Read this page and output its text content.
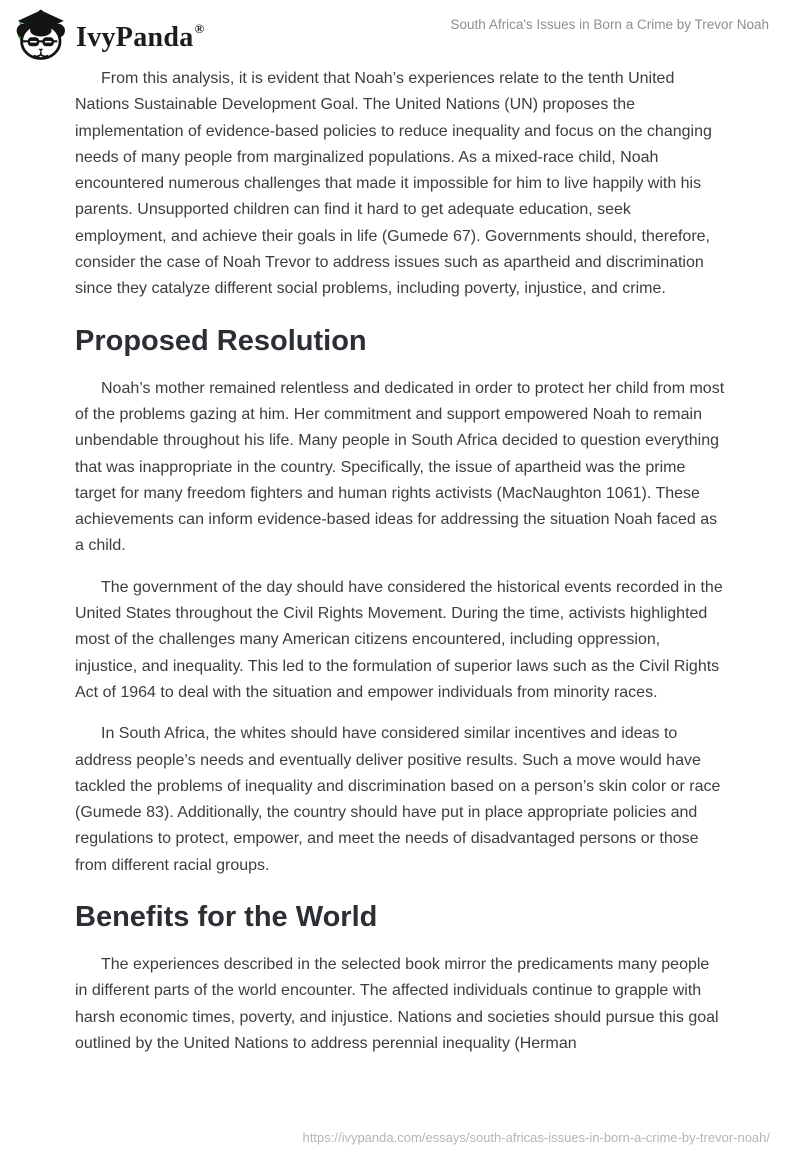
IvyPanda®	South Africa's Issues in Born a Crime by Trevor Noah

From this analysis, it is evident that Noah’s experiences relate to the tenth United Nations Sustainable Development Goal. The United Nations (UN) proposes the implementation of evidence-based policies to reduce inequality and focus on the changing needs of many people from marginalized populations. As a mixed-race child, Noah encountered numerous challenges that made it impossible for him to live happily with his parents. Unsupported children can find it hard to get adequate education, seek employment, and achieve their goals in life (Gumede 67). Governments should, therefore, consider the case of Noah Trevor to address issues such as apartheid and discrimination since they catalyze different social problems, including poverty, injustice, and crime.

Proposed Resolution

Noah’s mother remained relentless and dedicated in order to protect her child from most of the problems gazing at him. Her commitment and support empowered Noah to remain unbendable throughout his life. Many people in South Africa decided to question everything that was inappropriate in the country. Specifically, the issue of apartheid was the prime target for many freedom fighters and human rights activists (MacNaughton 1061). These achievements can inform evidence-based ideas for addressing the situation Noah faced as a child.

The government of the day should have considered the historical events recorded in the United States throughout the Civil Rights Movement. During the time, activists highlighted most of the challenges many American citizens encountered, including oppression, injustice, and inequality. This led to the formulation of superior laws such as the Civil Rights Act of 1964 to deal with the situation and empower individuals from minority races.

In South Africa, the whites should have considered similar incentives and ideas to address people’s needs and eventually deliver positive results. Such a move would have tackled the problems of inequality and discrimination based on a person’s skin color or race (Gumede 83). Additionally, the country should have put in place appropriate policies and regulations to protect, empower, and meet the needs of disadvantaged persons or those from different racial groups.

Benefits for the World

The experiences described in the selected book mirror the predicaments many people in different parts of the world encounter. The affected individuals continue to grapple with harsh economic times, poverty, and injustice. Nations and societies should pursue this goal outlined by the United Nations to address perennial inequality (Herman

https://ivypanda.com/essays/south-africas-issues-in-born-a-crime-by-trevor-noah/
